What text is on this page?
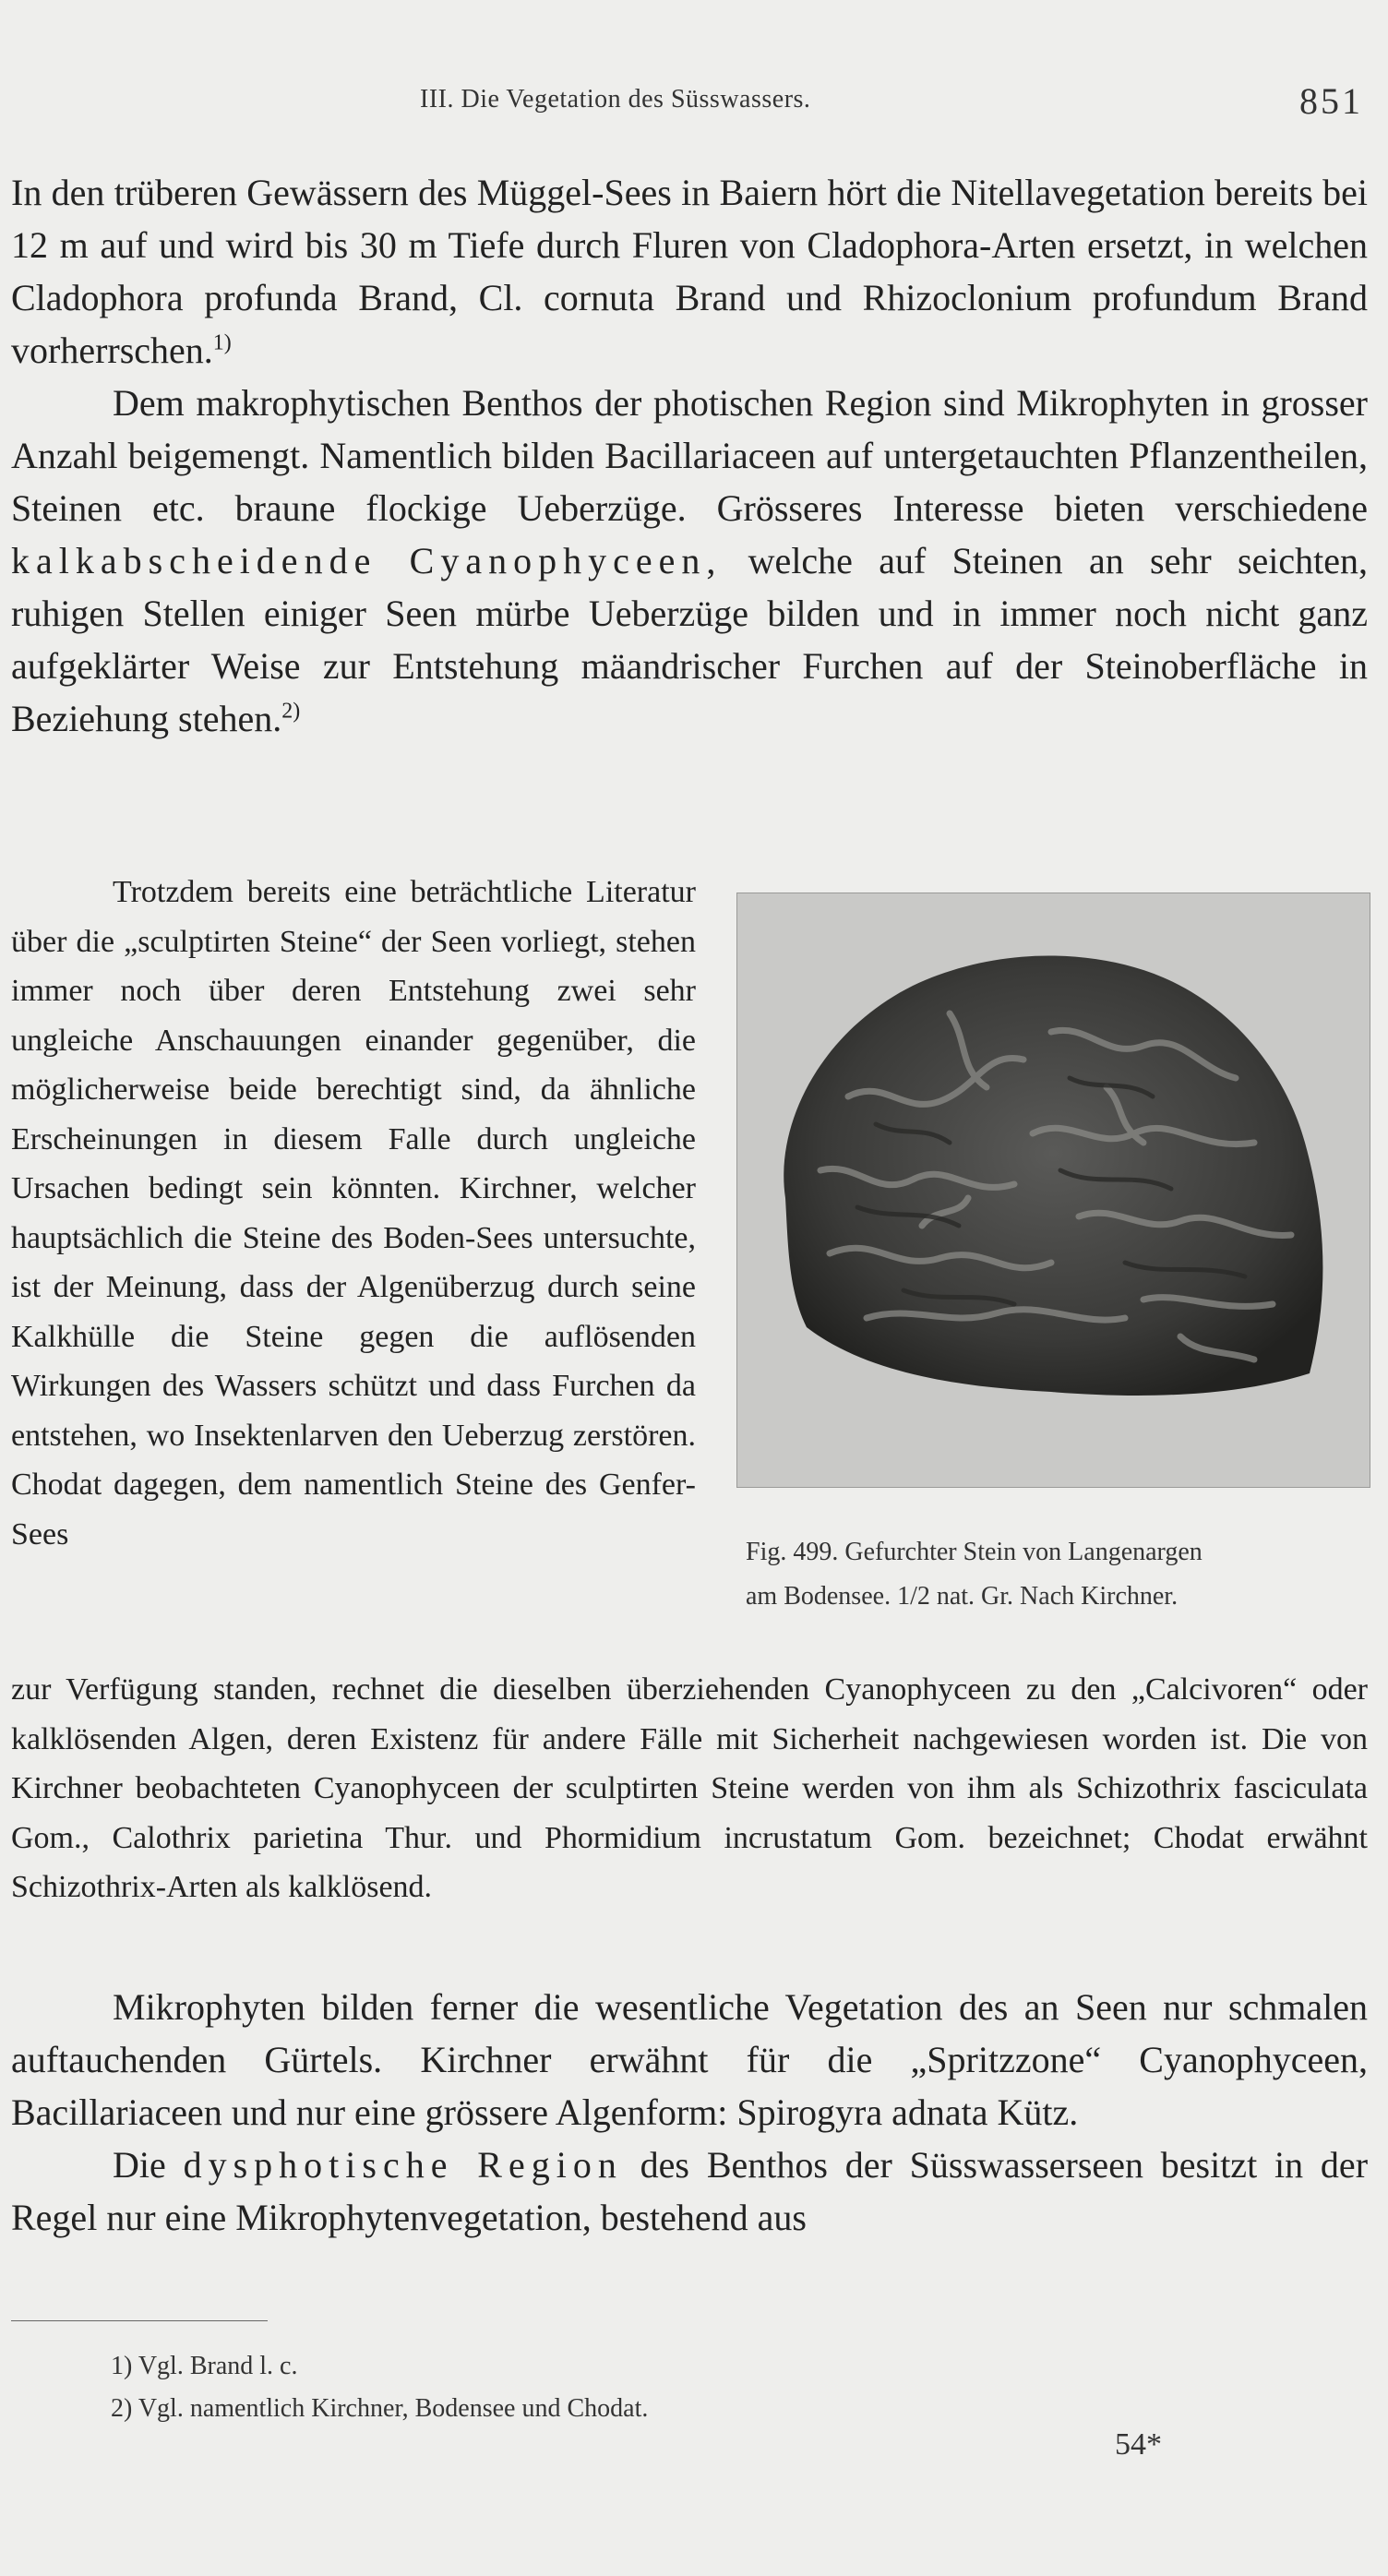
III. Die Vegetation des Süsswassers.	851

In den trüberen Gewässern des Müggel-Sees in Baiern hört die Nitellavegetation bereits bei 12 m auf und wird bis 30 m Tiefe durch Fluren von Cladophora-Arten ersetzt, in welchen Cladophora profunda Brand, Cl. cornuta Brand und Rhizoclonium profundum Brand vorherrschen.$^{1)}$

Dem makrophytischen Benthos der photischen Region sind Mikrophyten in grosser Anzahl beigemengt. Namentlich bilden Bacillariaceen auf untergetauchten Pflanzentheilen, Steinen etc. braune flockige Ueberzüge. Grösseres Interesse bieten verschiedene kalkabscheidende Cyanophyceen, welche auf Steinen an sehr seichten, ruhigen Stellen einiger Seen mürbe Ueberzüge bilden und in immer noch nicht ganz aufgeklärter Weise zur Entstehung mäandrischer Furchen auf der Steinoberfläche in Beziehung stehen.$^{2)}$

Trotzdem bereits eine beträchtliche Literatur über die „sculptirten Steine“ der Seen vorliegt, stehen immer noch über deren Entstehung zwei sehr ungleiche Anschauungen einander gegenüber, die möglicherweise beide berechtigt sind, da ähnliche Erscheinungen in diesem Falle durch ungleiche Ursachen bedingt sein könnten. Kirchner, welcher hauptsächlich die Steine des Boden-Sees untersuchte, ist der Meinung, dass der Algenüberzug durch seine Kalkhülle die Steine gegen die auflösenden Wirkungen des Wassers schützt und dass Furchen da entstehen, wo Insektenlarven den Ueberzug zerstören. Chodat dagegen, dem namentlich Steine des Genfer-Sees

Fig. 499. Gefurchter Stein von Langenargen
am Bodensee. 1/2 nat. Gr. Nach Kirchner.

zur Verfügung standen, rechnet die dieselben überziehenden Cyanophyceen zu den „Calcivoren“ oder kalklösenden Algen, deren Existenz für andere Fälle mit Sicherheit nachgewiesen worden ist. Die von Kirchner beobachteten Cyanophyceen der sculptirten Steine werden von ihm als Schizothrix fasciculata Gom., Calothrix parietina Thur. und Phormidium incrustatum Gom. bezeichnet; Chodat erwähnt Schizothrix-Arten als kalklösend.

Mikrophyten bilden ferner die wesentliche Vegetation des an Seen nur schmalen auftauchenden Gürtels. Kirchner erwähnt für die „Spritzzone“ Cyanophyceen, Bacillariaceen und nur eine grössere Algenform: Spirogyra adnata Kütz.

Die dysphotische Region des Benthos der Süsswasserseen besitzt in der Regel nur eine Mikrophytenvegetation, bestehend aus

1) Vgl. Brand l. c.
2) Vgl. namentlich Kirchner, Bodensee und Chodat.
54*
